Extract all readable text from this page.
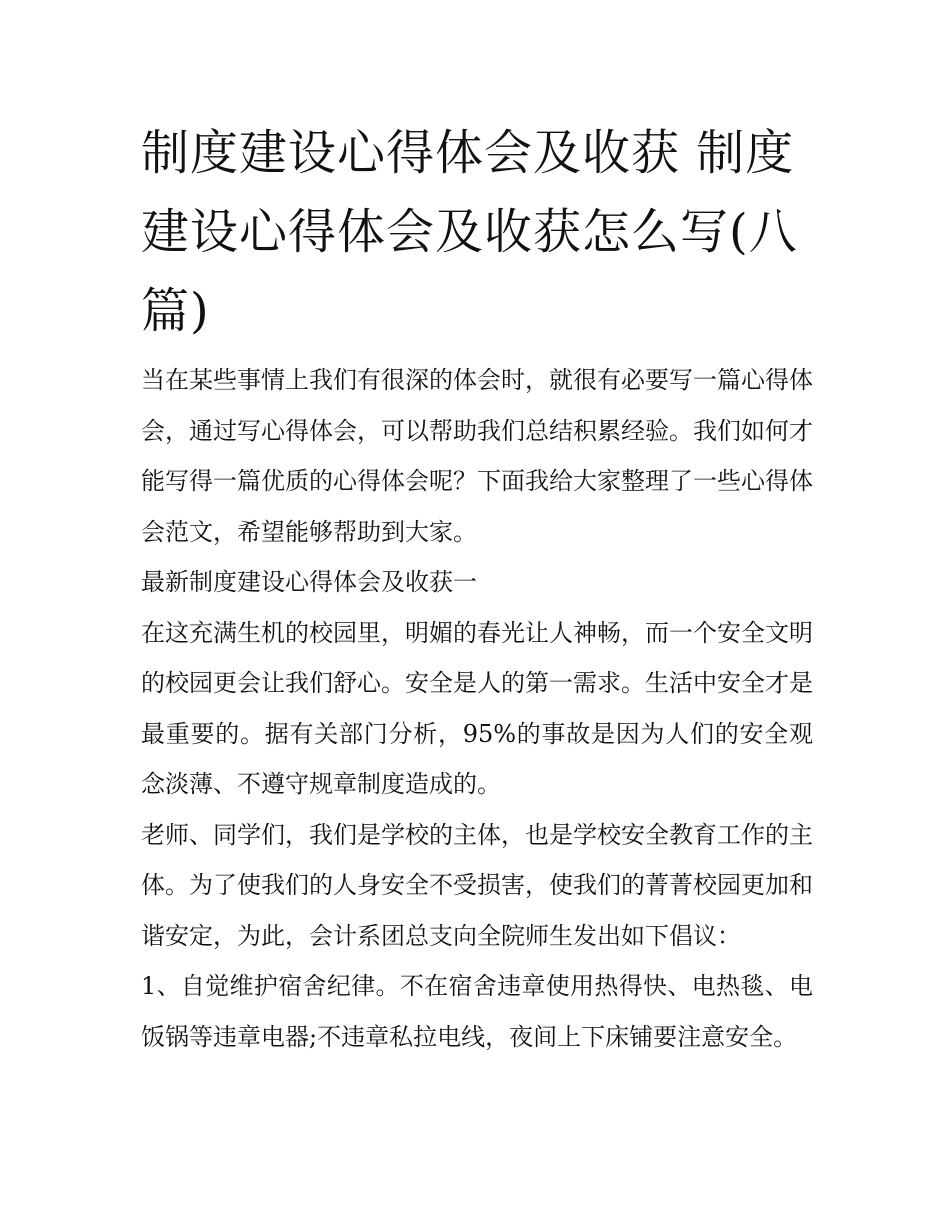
制度建设心得体会及收获 制度建设心得体会及收获怎么写(八篇)

当在某些事情上我们有很深的体会时，就很有必要写一篇心得体会，通过写心得体会，可以帮助我们总结积累经验。我们如何才能写得一篇优质的心得体会呢？下面我给大家整理了一些心得体会范文，希望能够帮助到大家。

最新制度建设心得体会及收获一

在这充满生机的校园里，明媚的春光让人神畅，而一个安全文明的校园更会让我们舒心。安全是人的第一需求。生活中安全才是最重要的。据有关部门分析，95%的事故是因为人们的安全观念淡薄、不遵守规章制度造成的。

老师、同学们，我们是学校的主体，也是学校安全教育工作的主体。为了使我们的人身安全不受损害，使我们的菁菁校园更加和谐安定，为此，会计系团总支向全院师生发出如下倡议：

1、自觉维护宿舍纪律。不在宿舍违章使用热得快、电热毯、电饭锅等违章电器;不违章私拉电线，夜间上下床铺要注意安全。
